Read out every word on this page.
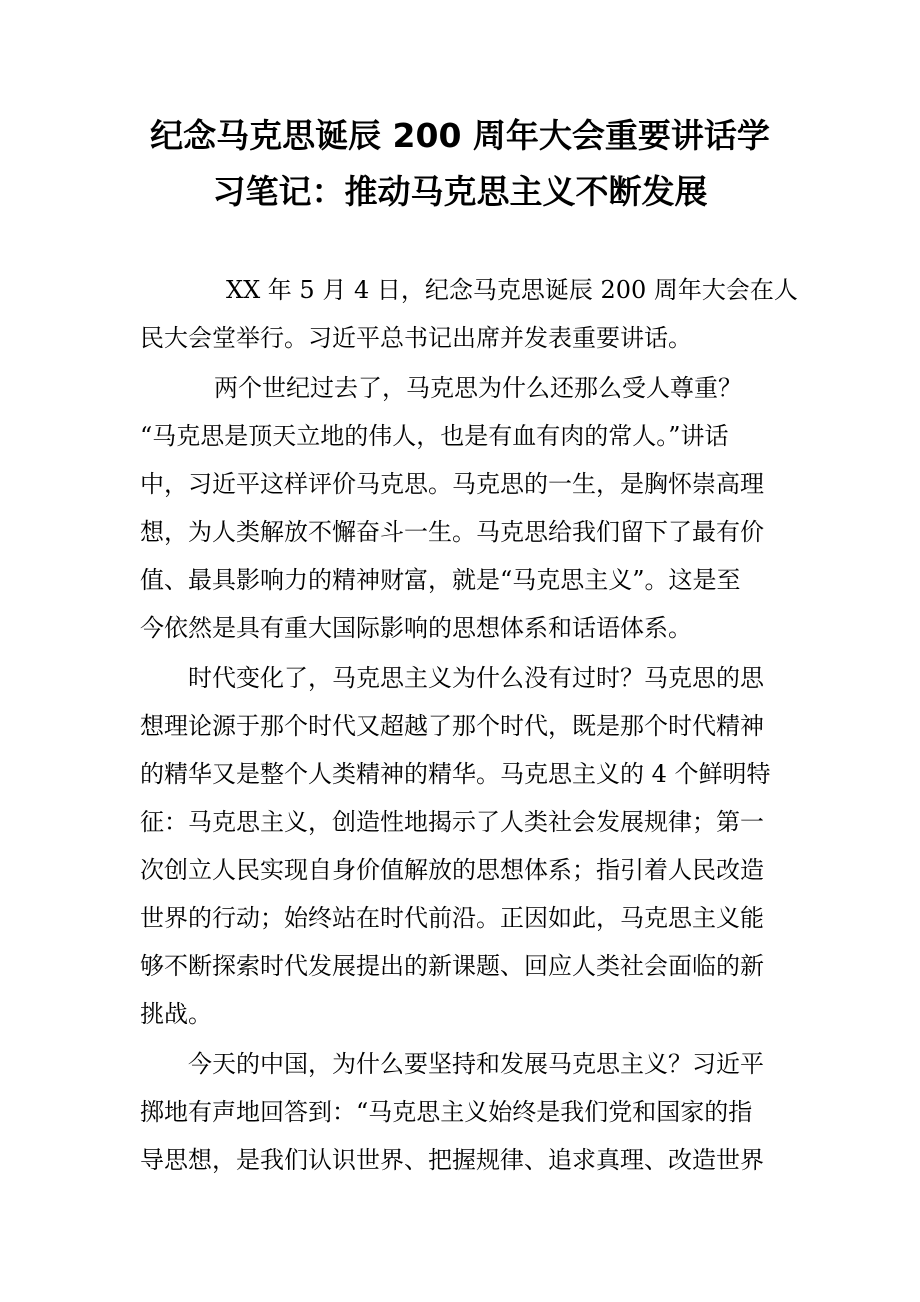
纪念马克思诞辰 200 周年大会重要讲话学
习笔记：推动马克思主义不断发展

XX 年 5 月 4 日，纪念马克思诞辰 200 周年大会在人
民大会堂举行。习近平总书记出席并发表重要讲话。

两个世纪过去了，马克思为什么还那么受人尊重？
“马克思是顶天立地的伟人，也是有血有肉的常人。”讲话
中，习近平这样评价马克思。马克思的一生，是胸怀崇高理
想，为人类解放不懈奋斗一生。马克思给我们留下了最有价
值、最具影响力的精神财富，就是“马克思主义”。这是至
今依然是具有重大国际影响的思想体系和话语体系。

时代变化了，马克思主义为什么没有过时？马克思的思
想理论源于那个时代又超越了那个时代，既是那个时代精神
的精华又是整个人类精神的精华。马克思主义的 4 个鲜明特
征：马克思主义，创造性地揭示了人类社会发展规律；第一
次创立人民实现自身价值解放的思想体系；指引着人民改造
世界的行动；始终站在时代前沿。正因如此，马克思主义能
够不断探索时代发展提出的新课题、回应人类社会面临的新
挑战。

今天的中国，为什么要坚持和发展马克思主义？习近平
掷地有声地回答到：“马克思主义始终是我们党和国家的指
导思想，是我们认识世界、把握规律、追求真理、改造世界
